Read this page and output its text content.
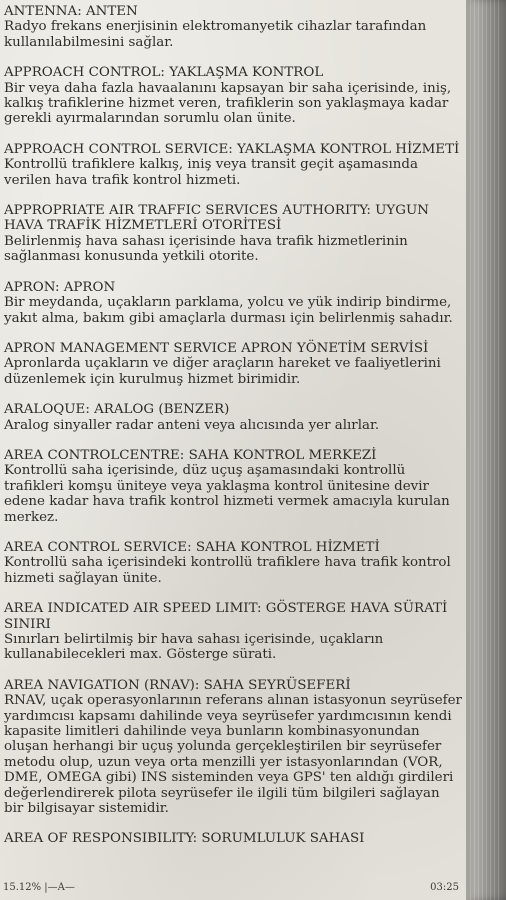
ANTENNA: ANTEN
Radyo frekans enerjisinin elektromanyetik cihazlar tarafından kullanılabilmesini sağlar.
APPROACH CONTROL: YAKLAŞMA KONTROL
Bir veya daha fazla havaalanını kapsayan bir saha içerisinde, iniş, kalkış trafiklerine hizmet veren, trafiklerin son yaklaşmaya kadar gerekli ayırmalarından sorumlu olan ünite.
APPROACH CONTROL SERVICE: YAKLAŞMA KONTROL HİZMETİ
Kontrollü trafiklere kalkış, iniş veya transit geçit aşamasında verilen hava trafik kontrol hizmeti.
APPROPRIATE AIR TRAFFIC SERVICES AUTHORITY: UYGUN HAVA TRAFİK HİZMETLERİ OTORİTESİ
Belirlenmiş hava sahası içerisinde hava trafik hizmetlerinin sağlanması konusunda yetkili otorite.
APRON: APRON
Bir meydanda, uçakların parklama, yolcu ve yük indirip bindirme, yakıt alma, bakım gibi amaçlarla durması için belirlenmiş sahadır.
APRON MANAGEMENT SERVICE APRON YÖNETİM SERVİSİ
Apronlarda uçakların ve diğer araçların hareket ve faaliyetlerini düzenlemek için kurulmuş hizmet birimidir.
ARALOQUE: ARALOG (BENZER)
Aralog sinyaller radar anteni veya alıcısında yer alırlar.
AREA CONTROLCENTRE: SAHA KONTROL MERKEZİ
Kontrollü saha içerisinde, düz uçuş aşamasındaki kontrollü trafikleri komşu üniteye veya yaklaşma kontrol ünitesine devir edene kadar hava trafik kontrol hizmeti vermek amacıyla kurulan merkez.
AREA CONTROL SERVICE: SAHA KONTROL HİZMETİ
Kontrollü saha içerisindeki kontrollü trafiklere hava trafik kontrol hizmeti sağlayan ünite.
AREA INDICATED AIR SPEED LIMIT: GÖSTERGE HAVA SÜRATİ SINIRI
Sınırları belirtilmiş bir hava sahası içerisinde, uçakların kullanabilecekleri max. Gösterge sürati.
AREA NAVIGATION (RNAV): SAHA SEYRÜSEFERİ
RNAV, uçak operasyonlarının referans alınan istasyonun seyrüsefer yardımcısı kapsamı dahilinde veya seyrüsefer yardımcısının kendi kapasite limitleri dahilinde veya bunların kombinasyonundan oluşan herhangi bir uçuş yolunda gerçekleştirilen bir seyrüsefer metodu olup, uzun veya orta menzilli yer istasyonlarından (VOR, DME, OMEGA gibi) INS sisteminden veya GPS' ten aldığı girdileri değerlendirerek pilota seyrüsefer ile ilgili tüm bilgileri sağlayan bir bilgisayar sistemidir.
AREA OF RESPONSIBILITY: SORUMLULUK SAHASI
15.12% |—A—	03:25
